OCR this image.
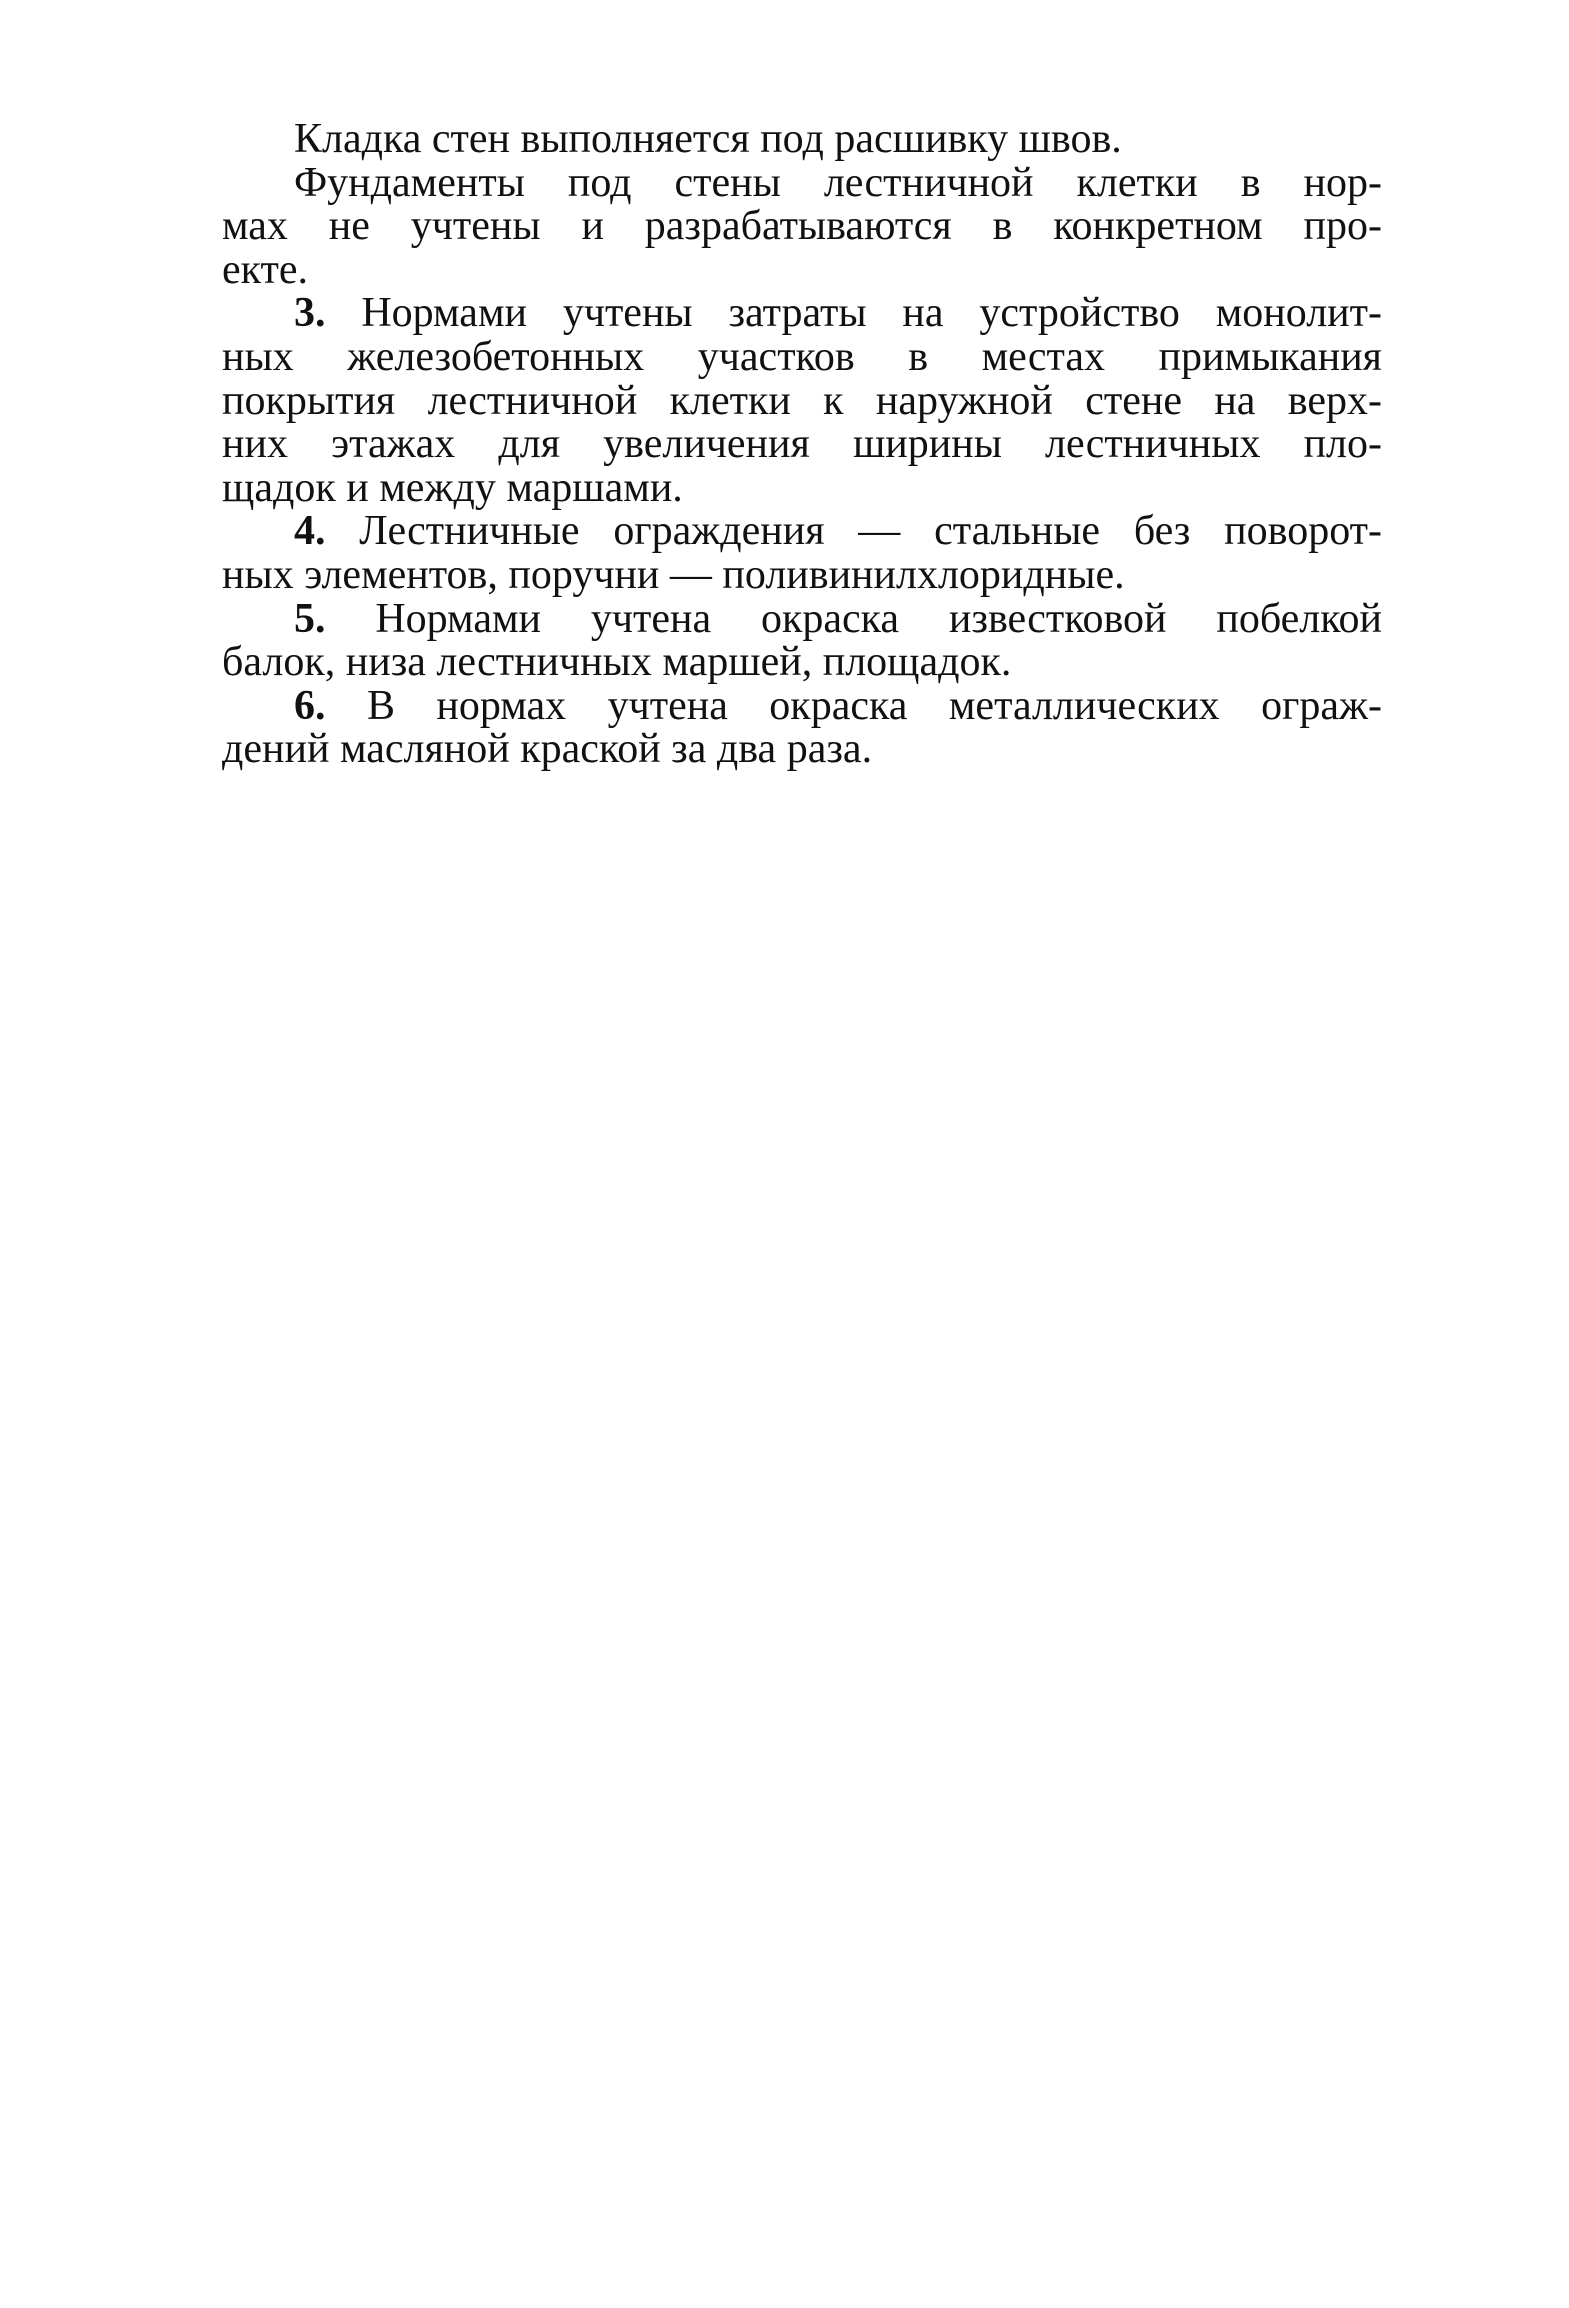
Кладка стен выполняется под расшивку швов.
Фундаменты под стены лестничной клетки в нор-
мах не учтены и разрабатываются в конкретном про-
екте.
3. Нормами учтены затраты на устройство монолит-
ных железобетонных участков в местах примыкания
покрытия лестничной клетки к наружной стене на верх-
них этажах для увеличения ширины лестничных пло-
щадок и между маршами.
4. Лестничные ограждения — стальные без поворот-
ных элементов, поручни — поливинилхлоридные.
5. Нормами учтена окраска известковой побелкой
балок, низа лестничных маршей, площадок.
6. В нормах учтена окраска металлических ограж-
дений масляной краской за два раза.
